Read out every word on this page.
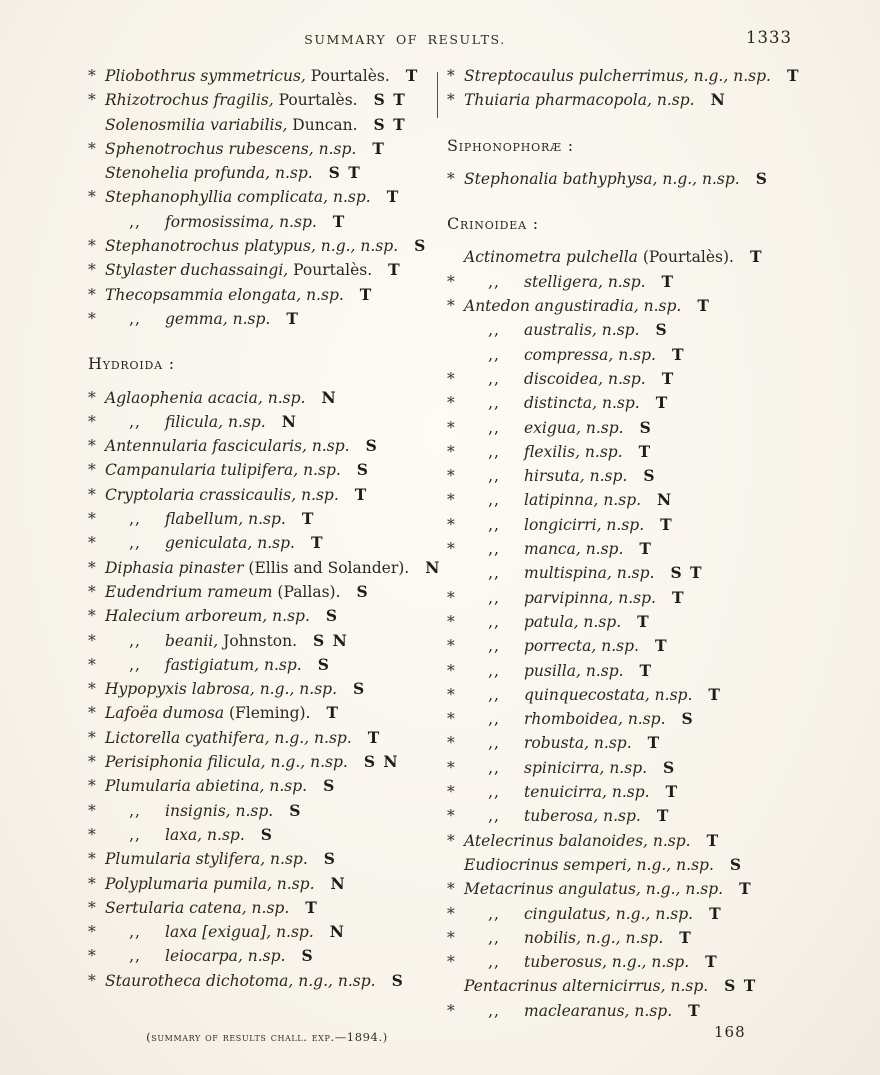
SUMMARY OF RESULTS.	1333
* Pliobothrus symmetricus, Pourtalès. T
* Rhizotrochus fragilis, Pourtalès. S T
Solenosmilia variabilis, Duncan. S T
* Sphenotrochus rubescens, n.sp. T
Stenohelia profunda, n.sp. S T
* Stephanophyllia complicata, n.sp. T
,, formosissima, n.sp. T
* Stephanotrochus platypus, n.g., n.sp. S
* Stylaster duchassaingi, Pourtalès. T
* Thecopsammia elongata, n.sp. T
* ,, gemma, n.sp. T
Hydroida :
* Aglaophenia acacia, n.sp. N
* ,, filicula, n.sp. N
* Antennularia fascicularis, n.sp. S
* Campanularia tulipifera, n.sp. S
* Cryptolaria crassicaulis, n.sp. T
* ,, flabellum, n.sp. T
* ,, geniculata, n.sp. T
* Diphasia pinaster (Ellis and Solander). N
* Eudendrium rameum (Pallas). S
* Halecium arboreum, n.sp. S
* ,, beanii, Johnston. S N
* ,, fastigiatum, n.sp. S
* Hypopyxis labrosa, n.g., n.sp. S
* Lafoëa dumosa (Fleming). T
* Lictorella cyathifera, n.g., n.sp. T
* Perisiphonia filicula, n.g., n.sp. S N
* Plumularia abietina, n.sp. S
* ,, insignis, n.sp. S
* ,, laxa, n.sp. S
* Plumularia stylifera, n.sp. S
* Polyplumaria pumila, n.sp. N
* Sertularia catena, n.sp. T
* ,, laxa [exigua], n.sp. N
* ,, leiocarpa, n.sp. S
* Staurotheca dichotoma, n.g., n.sp. S
* Streptocaulus pulcherrimus, n.g., n.sp. T
* Thuiaria pharmacopola, n.sp. N
Siphonophoræ :
* Stephonalia bathyphysa, n.g., n.sp. S
Crinoidea :
Actinometra pulchella (Pourtalès). T
* ,, stelligera, n.sp. T
* Antedon angustiradia, n.sp. T
,, australis, n.sp. S
,, compressa, n.sp. T
* ,, discoidea, n.sp. T
* ,, distincta, n.sp. T
* ,, exigua, n.sp. S
* ,, flexilis, n.sp. T
* ,, hirsuta, n.sp. S
* ,, latipinna, n.sp. N
* ,, longicirri, n.sp. T
* ,, manca, n.sp. T
,, multispina, n.sp. S T
* ,, parvipinna, n.sp. T
* ,, patula, n.sp. T
* ,, porrecta, n.sp. T
* ,, pusilla, n.sp. T
* ,, quinquecostata, n.sp. T
* ,, rhomboidea, n.sp. S
* ,, robusta, n.sp. T
* ,, spinicirra, n.sp. S
* ,, tenuicirra, n.sp. T
* ,, tuberosa, n.sp. T
* Atelecrinus balanoides, n.sp. T
Eudiocrinus semperi, n.g., n.sp. S
* Metacrinus angulatus, n.g., n.sp. T
* ,, cingulatus, n.g., n.sp. T
* ,, nobilis, n.g., n.sp. T
* ,, tuberosus, n.g., n.sp. T
Pentacrinus alternicirrus, n.sp. S T
* ,, maclearanus, n.sp. T
(summary of results chall. exp.—1894.)	168
